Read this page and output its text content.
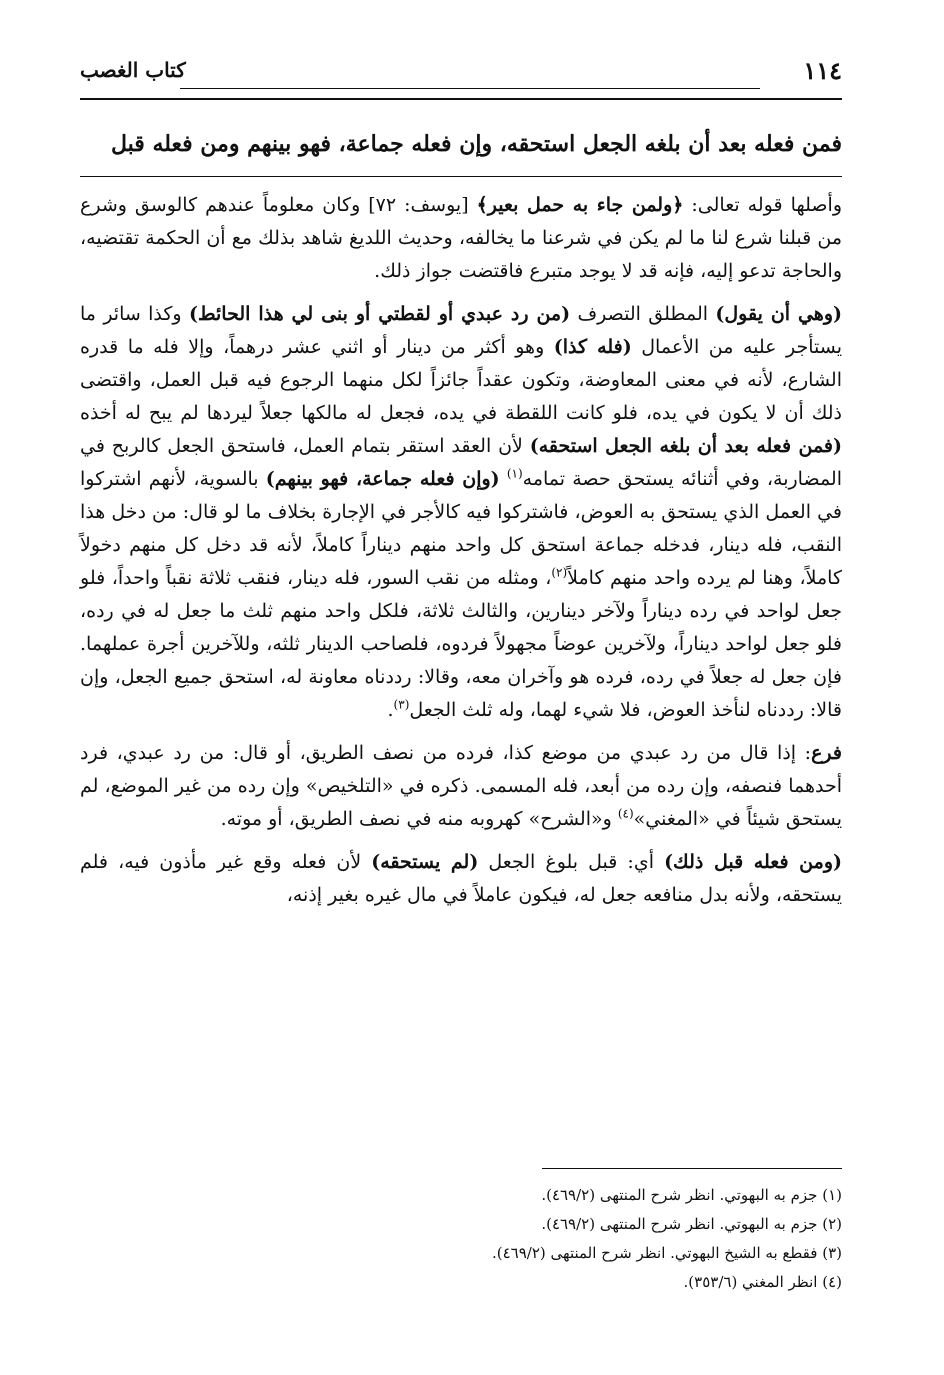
١١٤
كتاب الغصب
فمن فعله بعد أن بلغه الجعل استحقه، وإن فعله جماعة، فهو بينهم ومن فعله قبل

وأصلها قوله تعالى: ﴿ولمن جاء به حمل بعير﴾ [يوسف: ٧٢] وكان معلوماً عندهم كالوسق وشرع من قبلنا شرع لنا ما لم يكن في شرعنا ما يخالفه، وحديث اللديغ شاهد بذلك مع أن الحكمة تقتضيه، والحاجة تدعو إليه، فإنه قد لا يوجد متبرع فاقتضت جواز ذلك.

(وهي أن يقول) المطلق التصرف (من رد عبدي أو لقطتي أو بنى لي هذا الحائط) وكذا سائر ما يستأجر عليه من الأعمال (فله كذا) وهو أكثر من دينار أو اثني عشر درهماً، وإلا فله ما قدره الشارع، لأنه في معنى المعاوضة، وتكون عقداً جائزاً لكل منهما الرجوع فيه قبل العمل، واقتضى ذلك أن لا يكون في يده، فلو كانت اللقطة في يده، فجعل له مالكها جعلاً ليردها لم يبح له أخذه (فمن فعله بعد أن بلغه الجعل استحقه) لأن العقد استقر بتمام العمل، فاستحق الجعل كالربح في المضاربة، وفي أثنائه يستحق حصة تمامه$^{(١)}$ (وإن فعله جماعة، فهو بينهم) بالسوية، لأنهم اشتركوا في العمل الذي يستحق به العوض، فاشتركوا فيه كالأجر في الإجارة بخلاف ما لو قال: من دخل هذا النقب، فله دينار، فدخله جماعة استحق كل واحد منهم ديناراً كاملاً، لأنه قد دخل كل منهم دخولاً كاملاً، وهنا لم يرده واحد منهم كاملاً$^{(٢)}$، ومثله من نقب السور، فله دينار، فنقب ثلاثة نقباً واحداً، فلو جعل لواحد في رده ديناراً ولآخر دينارين، والثالث ثلاثة، فلكل واحد منهم ثلث ما جعل له في رده، فلو جعل لواحد ديناراً، ولآخرين عوضاً مجهولاً فردوه، فلصاحب الدينار ثلثه، وللآخرين أجرة عملهما. فإن جعل له جعلاً في رده، فرده هو وآخران معه، وقالا: رددناه معاونة له، استحق جميع الجعل، وإن قالا: رددناه لنأخذ العوض، فلا شيء لهما، وله ثلث الجعل$^{(٣)}$.

فرع: إذا قال من رد عبدي من موضع كذا، فرده من نصف الطريق، أو قال: من رد عبدي، فرد أحدهما فنصفه، وإن رده من أبعد، فله المسمى. ذكره في «التلخيص» وإن رده من غير الموضع، لم يستحق شيئاً في «المغني»$^{(٤)}$ و«الشرح» كهروبه منه في نصف الطريق، أو موته.

(ومن فعله قبل ذلك) أي: قبل بلوغ الجعل (لم يستحقه) لأن فعله وقع غير مأذون فيه، فلم يستحقه، ولأنه بدل منافعه جعل له، فيكون عاملاً في مال غيره بغير إذنه،

(١) جزم به البهوتي. انظر شرح المنتهى (٤٦٩/٢).
(٢) جزم به البهوتي. انظر شرح المنتهى (٤٦٩/٢).
(٣) فقطع به الشيخ البهوتي. انظر شرح المنتهى (٤٦٩/٢).
(٤) انظر المغني (٣٥٣/٦).
